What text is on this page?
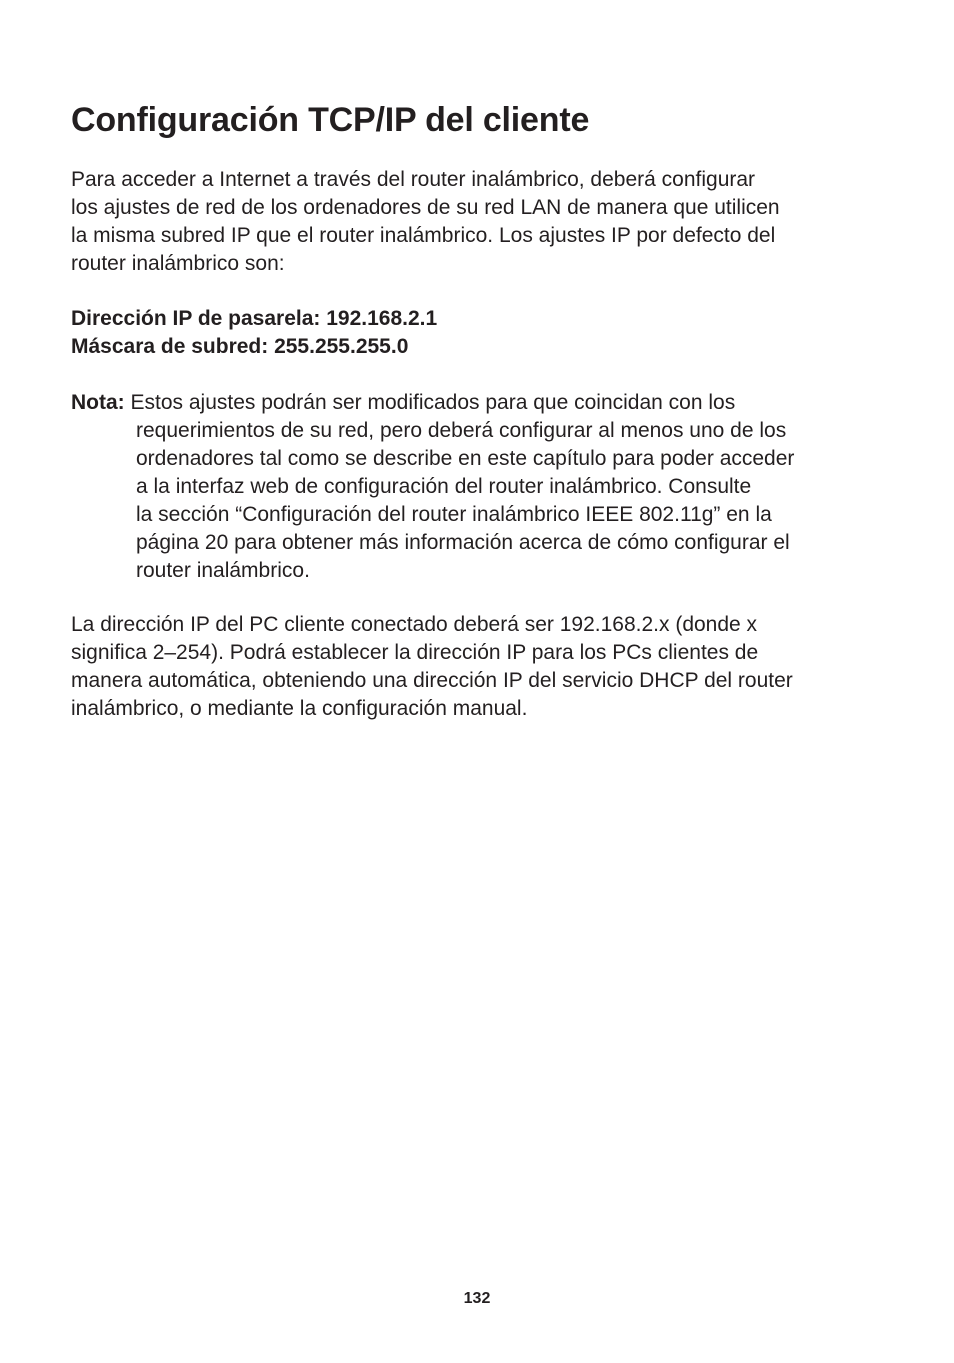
Configuración TCP/IP del cliente

Para acceder a Internet a través del router inalámbrico, deberá configurar
los ajustes de red de los ordenadores de su red LAN de manera que utilicen
la misma subred IP que el router inalámbrico. Los ajustes IP por defecto del
router inalámbrico son:

Dirección IP de pasarela: 192.168.2.1
Máscara de subred: 255.255.255.0

Nota: Estos ajustes podrán ser modificados para que coincidan con los
requerimientos de su red, pero deberá configurar al menos uno de los
ordenadores tal como se describe en este capítulo para poder acceder
a la interfaz web de configuración del router inalámbrico. Consulte
la sección “Configuración del router inalámbrico IEEE 802.11g” en la
página 20 para obtener más información acerca de cómo configurar el
router inalámbrico.

La dirección IP del PC cliente conectado deberá ser 192.168.2.x (donde x
significa 2–254). Podrá establecer la dirección IP para los PCs clientes de
manera automática, obteniendo una dirección IP del servicio DHCP del router
inalámbrico, o mediante la configuración manual.

132
